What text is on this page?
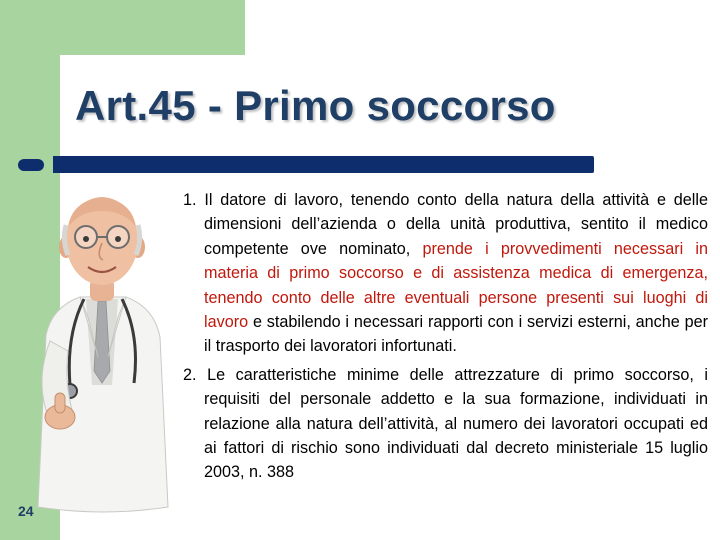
Art.45 - Primo soccorso
24
1. Il datore di lavoro, tenendo conto della natura della attività e delle dimensioni dell’azienda o della unità produttiva, sentito il medico competente ove nominato, prende i provvedimenti necessari in materia di primo soccorso e di assistenza medica di emergenza, tenendo conto delle altre eventuali persone presenti sui luoghi di lavoro e stabilendo i necessari rapporti con i servizi esterni, anche per il trasporto dei lavoratori infortunati.
2. Le caratteristiche minime delle attrezzature di primo soccorso, i requisiti del personale addetto e la sua formazione, individuati in relazione alla natura dell’attività, al numero dei lavoratori occupati ed ai fattori di rischio sono individuati dal decreto ministeriale 15 luglio 2003, n. 388
